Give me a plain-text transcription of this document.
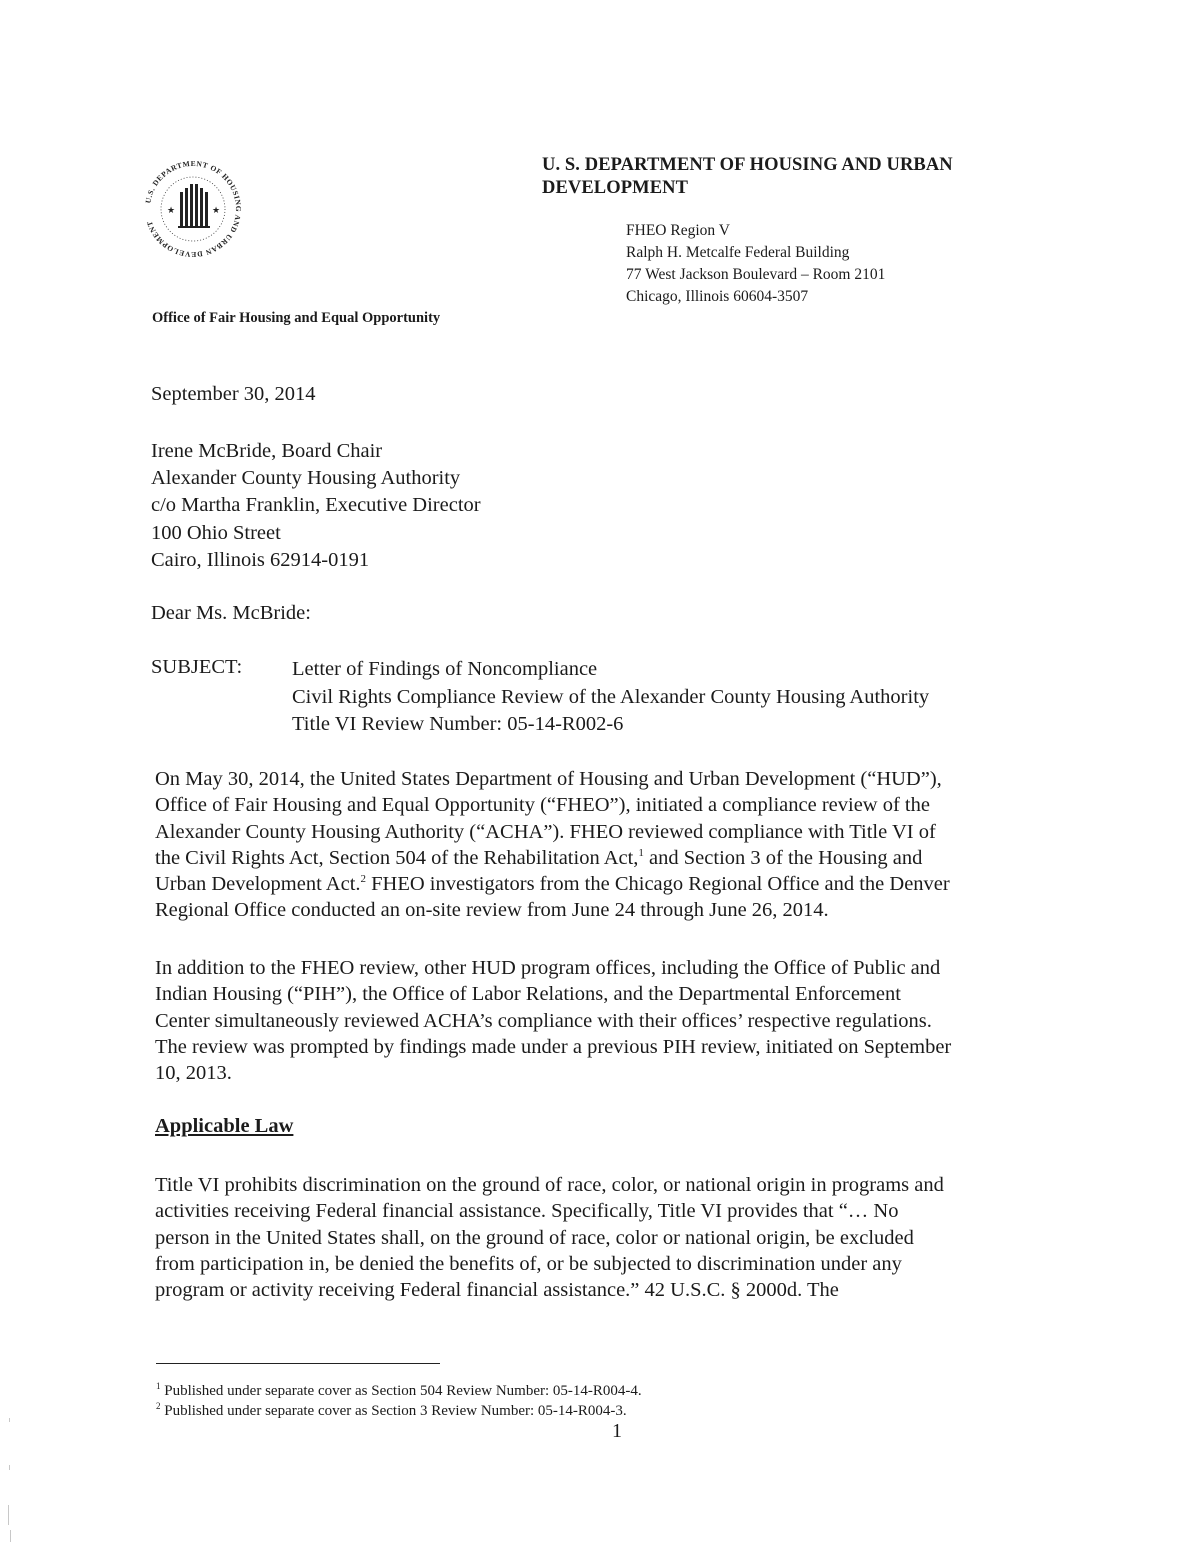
U.S. DEPARTMENT OF HOUSING AND URBAN DEVELOPMENT
★	★
U. S. DEPARTMENT OF HOUSING AND URBAN DEVELOPMENT
FHEO Region V
Ralph H. Metcalfe Federal Building
77 West Jackson Boulevard – Room 2101
Chicago, Illinois 60604-3507
Office of Fair Housing and Equal Opportunity
September 30, 2014
Irene McBride, Board Chair
Alexander County Housing Authority
c/o Martha Franklin, Executive Director
100 Ohio Street
Cairo, Illinois 62914-0191
Dear Ms. McBride:
SUBJECT: Letter of Findings of Noncompliance
Civil Rights Compliance Review of the Alexander County Housing Authority
Title VI Review Number: 05-14-R002-6
On May 30, 2014, the United States Department of Housing and Urban Development (“HUD”),
Office of Fair Housing and Equal Opportunity (“FHEO”), initiated a compliance review of the
Alexander County Housing Authority (“ACHA”). FHEO reviewed compliance with Title VI of
the Civil Rights Act, Section 504 of the Rehabilitation Act,$^1$ and Section 3 of the Housing and
Urban Development Act.$^2$ FHEO investigators from the Chicago Regional Office and the Denver
Regional Office conducted an on-site review from June 24 through June 26, 2014.
In addition to the FHEO review, other HUD program offices, including the Office of Public and
Indian Housing (“PIH”), the Office of Labor Relations, and the Departmental Enforcement
Center simultaneously reviewed ACHA’s compliance with their offices’ respective regulations.
The review was prompted by findings made under a previous PIH review, initiated on September
10, 2013.
Applicable Law
Title VI prohibits discrimination on the ground of race, color, or national origin in programs and
activities receiving Federal financial assistance. Specifically, Title VI provides that “… No
person in the United States shall, on the ground of race, color or national origin, be excluded
from participation in, be denied the benefits of, or be subjected to discrimination under any
program or activity receiving Federal financial assistance.” 42 U.S.C. § 2000d. The
$^1$ Published under separate cover as Section 504 Review Number: 05-14-R004-4.
$^2$ Published under separate cover as Section 3 Review Number: 05-14-R004-3.
1
